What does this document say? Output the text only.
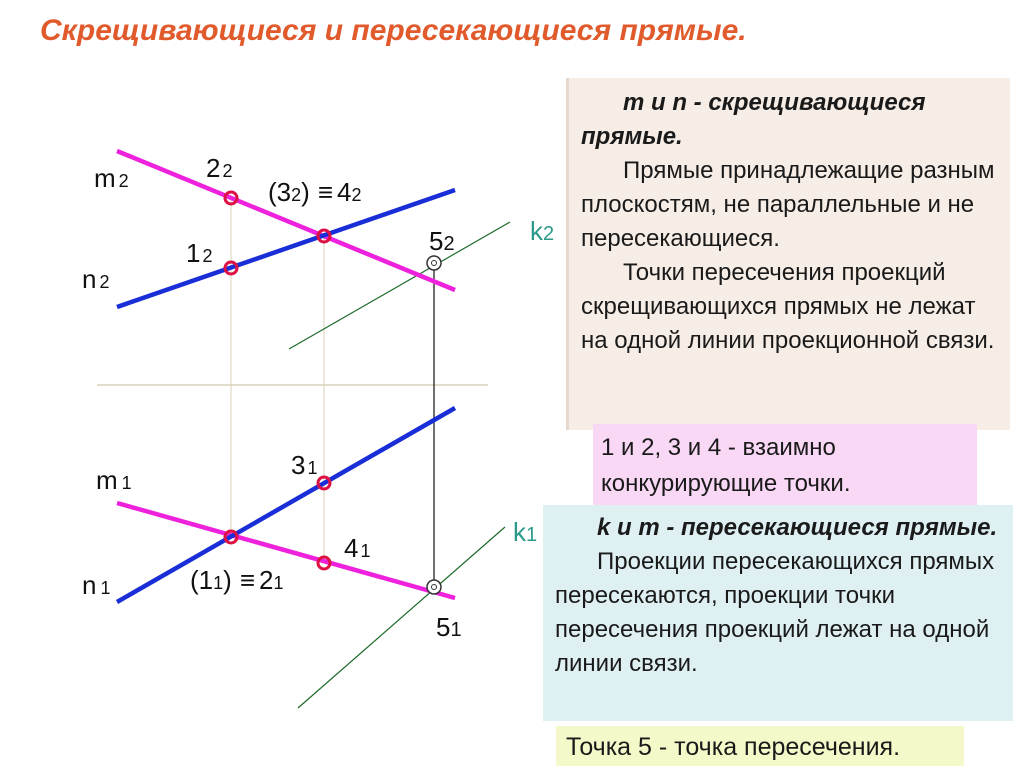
Скрещивающиеся и пересекающиеся прямые.
m 2
n 2
2 2
1 2
(32) ≡ 42
52	k2
m 1
n 1
3 1
4 1
(11) ≡ 21
51
k1

m и n - скрещивающиеся прямые.

Прямые принадлежащие разным плоскостям, не параллельные и не пересекающиеся.

Точки пересечения проекций скрещивающихся прямых не лежат на одной линии проекционной связи.

1 и 2, 3 и 4 - взаимно конкурирующие точки.

k и m - пересекающиеся прямые.

Проекции пересекающихся прямых пересекаются, проекции точки пересечения проекций лежат на одной линии связи.

Точка 5 - точка пересечения.
